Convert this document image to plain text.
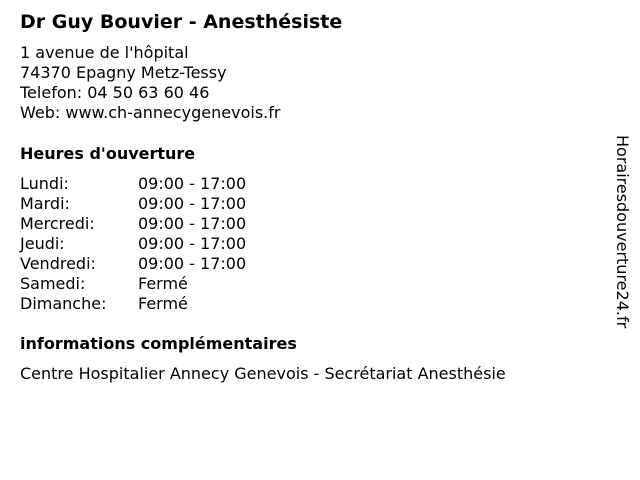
Dr Guy Bouvier - Anesthésiste
1 avenue de l'hôpital
74370 Epagny Metz-Tessy
Telefon: 04 50 63 60 46
Web: www.ch-annecygenevois.fr
Heures d'ouverture
Lundi:	09:00 - 17:00
Mardi:	09:00 - 17:00
Mercredi:	09:00 - 17:00
Jeudi:	09:00 - 17:00
Vendredi:	09:00 - 17:00
Samedi:	Fermé
Dimanche: Fermé
informations complémentaires
Centre Hospitalier Annecy Genevois - Secrétariat Anesthésie
Horairesdouverture24.fr
